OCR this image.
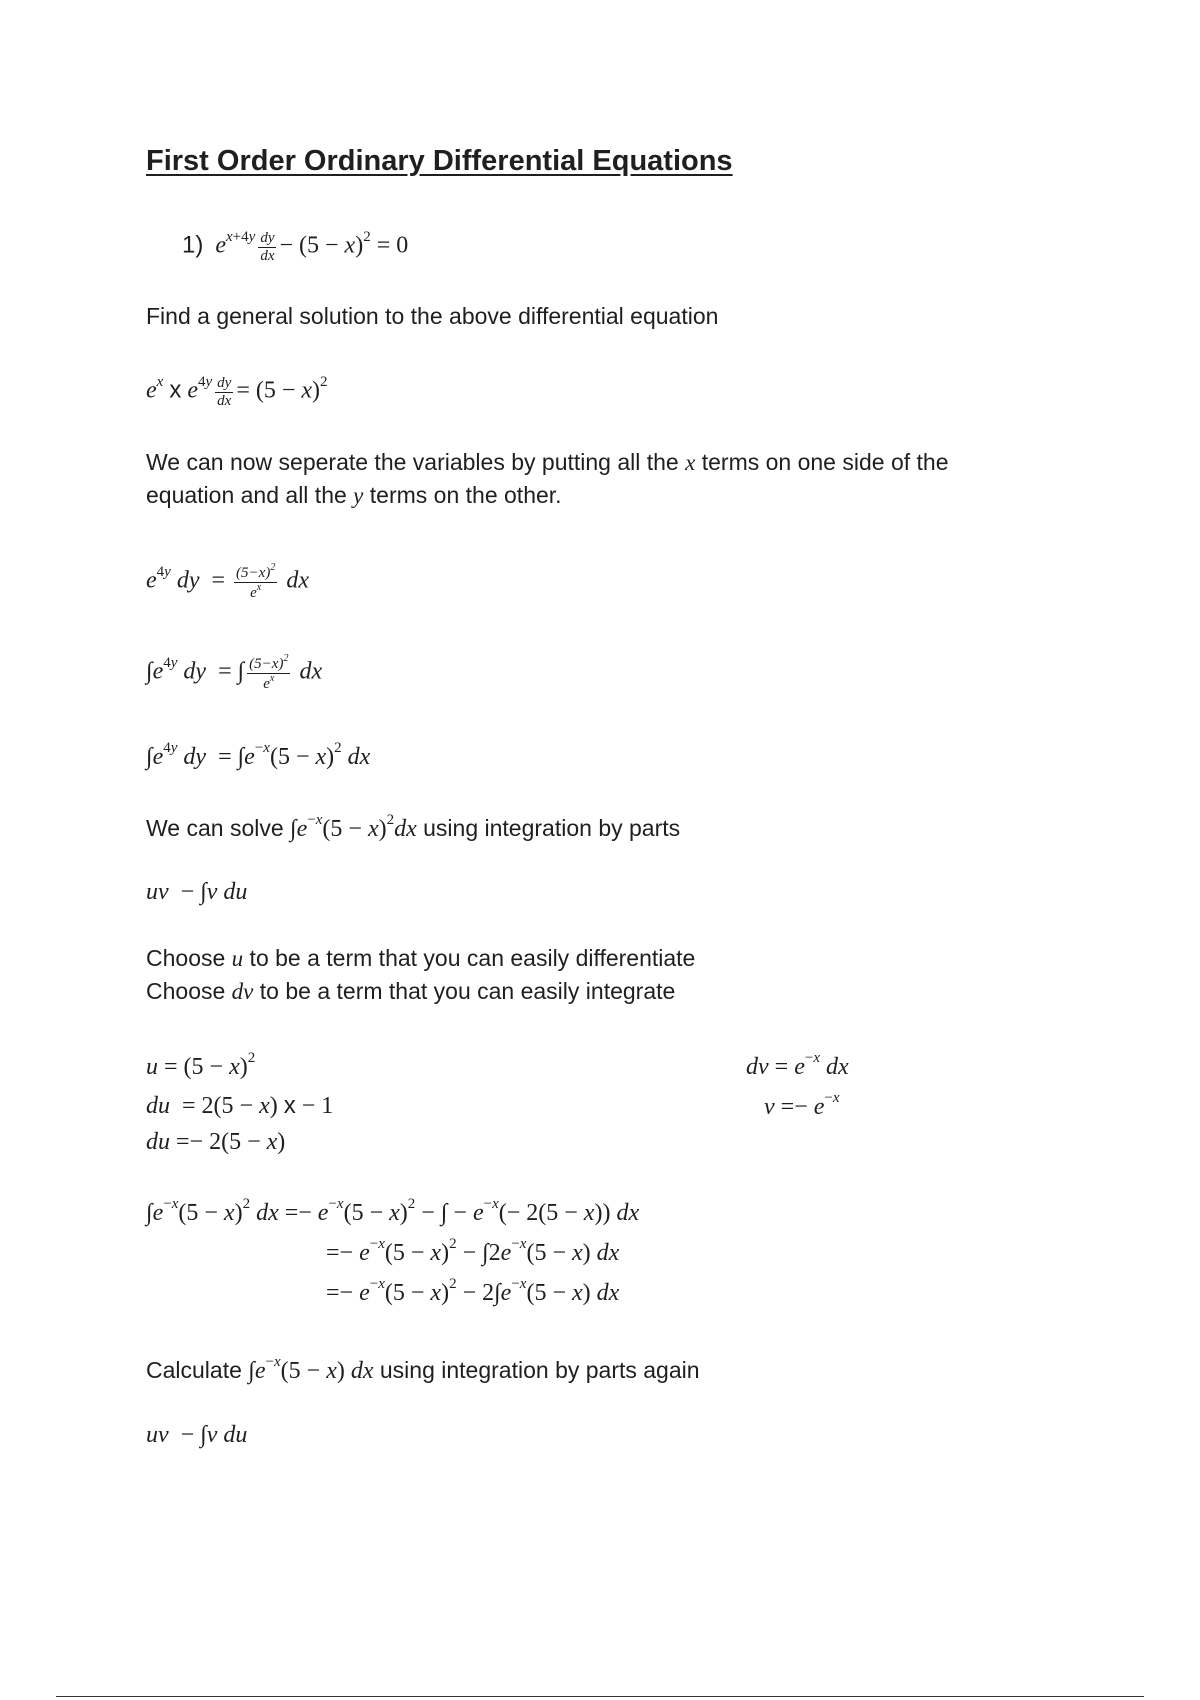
First Order Ordinary Differential Equations
1) $e^{x+4y} \frac{dy}{dx} - (5 - x)^2 = 0$
Find a general solution to the above differential equation
$e^x$ x $e^{4y} \frac{dy}{dx} = (5 - x)^2$
We can now seperate the variables by putting all the x terms on one side of the
equation and all the y terms on the other.
$e^{4y}$ dy  = $\frac{(5-x)^2}{e^x}$ dx
$\int e^{4y}$ dy  = ∫ $\frac{(5-x)^2}{e^x}$ dx
$\int e^{4y}$ dy  = $\int e^{-x}(5 - x)^2$ dx
We can solve $\int e^{-x}(5 - x)^2dx$ using integration by parts
uv  − ∫v du
Choose u to be a term that you can easily differentiate
Choose dv to be a term that you can easily integrate
$u = (5 - x)^2$
du  = 2(5 − x) x − 1
du =− 2(5 − x)
dv = $e^{-x}$ dx
$v =- e^{-x}$
$\int e^{-x}(5 - x)^2$ dx =− $e^{-x}(5 - x)^2$ − ∫ − $e^{-x}(- 2(5 - x))$ dx
=− $e^{-x}(5 - x)^2 - \int 2e^{-x}(5 - x)$ dx
=− $e^{-x}(5 - x)^2 - 2\int e^{-x}(5 - x)$ dx
Calculate $\int e^{-x}(5 - x)$ dx using integration by parts again
uv  − ∫v du
